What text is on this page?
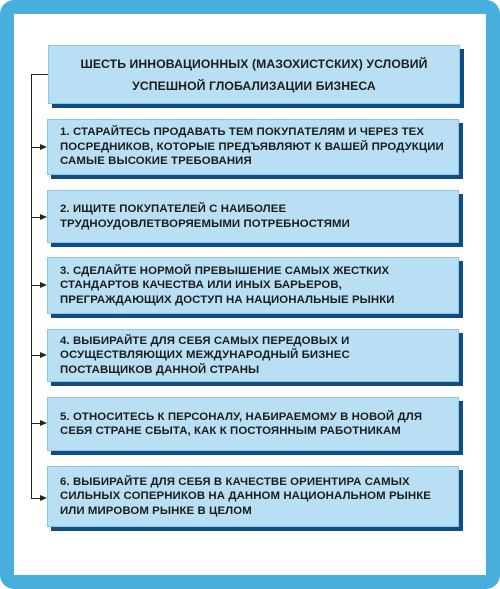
ШЕСТЬ ИННОВАЦИОННЫХ (МАЗОХИСТСКИХ) УСЛОВИЙ УСПЕШНОЙ ГЛОБАЛИЗАЦИИ БИЗНЕСА
1. СТАРАЙТЕСЬ ПРОДАВАТЬ ТЕМ ПОКУПАТЕЛЯМ И ЧЕРЕЗ ТЕХ ПОСРЕДНИКОВ, КОТОРЫЕ ПРЕДЪЯВЛЯЮТ К ВАШЕЙ ПРОДУКЦИИ САМЫЕ ВЫСОКИЕ ТРЕБОВАНИЯ
2. ИЩИТЕ ПОКУПАТЕЛЕЙ С НАИБОЛЕЕ ТРУДНОУДОВЛЕТВОРЯЕМЫМИ ПОТРЕБНОСТЯМИ
3. СДЕЛАЙТЕ НОРМОЙ ПРЕВЫШЕНИЕ САМЫХ ЖЕСТКИХ СТАНДАРТОВ КАЧЕСТВА ИЛИ ИНЫХ БАРЬЕРОВ, ПРЕГРАЖДАЮЩИХ ДОСТУП НА НАЦИОНАЛЬНЫЕ РЫНКИ
4. ВЫБИРАЙТЕ ДЛЯ СЕБЯ САМЫХ ПЕРЕДОВЫХ И ОСУЩЕСТВЛЯЮЩИХ МЕЖДУНАРОДНЫЙ БИЗНЕС ПОСТАВЩИКОВ ДАННОЙ СТРАНЫ
5. ОТНОСИТЕСЬ К ПЕРСОНАЛУ, НАБИРАЕМОМУ В НОВОЙ ДЛЯ СЕБЯ СТРАНЕ СБЫТА, КАК К ПОСТОЯННЫМ РАБОТНИКАМ
6. ВЫБИРАЙТЕ ДЛЯ СЕБЯ В КАЧЕСТВЕ ОРИЕНТИРА САМЫХ СИЛЬНЫХ СОПЕРНИКОВ НА ДАННОМ НАЦИОНАЛЬНОМ РЫНКЕ ИЛИ МИРОВОМ РЫНКЕ В ЦЕЛОМ
